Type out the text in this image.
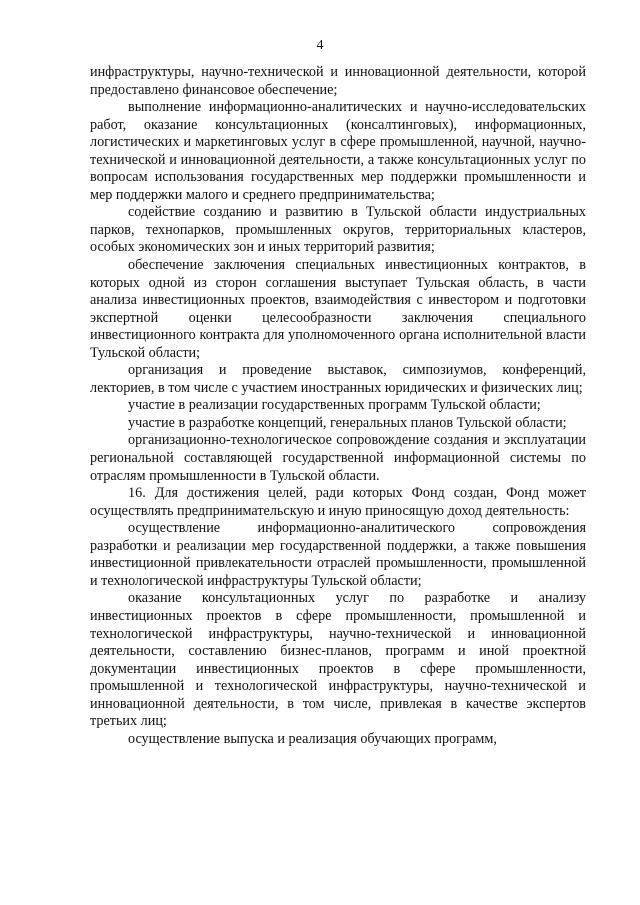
4

инфраструктуры, научно-технической и инновационной деятельности, которой предоставлено финансовое обеспечение;

выполнение информационно-аналитических и научно-исследовательских работ, оказание консультационных (консалтинговых), информационных, логистических и маркетинговых услуг в сфере промышленной, научной, научно-технической и инновационной деятельности, а также консультационных услуг по вопросам использования государственных мер поддержки промышленности и мер поддержки малого и среднего предпринимательства;

содействие созданию и развитию в Тульской области индустриальных парков, технопарков, промышленных округов, территориальных кластеров, особых экономических зон и иных территорий развития;

обеспечение заключения специальных инвестиционных контрактов, в которых одной из сторон соглашения выступает Тульская область, в части анализа инвестиционных проектов, взаимодействия с инвестором и подготовки экспертной оценки целесообразности заключения специального инвестиционного контракта для уполномоченного органа исполнительной власти Тульской области;

организация и проведение выставок, симпозиумов, конференций, лекториев, в том числе с участием иностранных юридических и физических лиц;

участие в реализации государственных программ Тульской области;

участие в разработке концепций, генеральных планов Тульской области;

организационно-технологическое сопровождение создания и эксплуатации региональной составляющей государственной информационной системы по отраслям промышленности в Тульской области.

16. Для достижения целей, ради которых Фонд создан, Фонд может осуществлять предпринимательскую и иную приносящую доход деятельность:

осуществление информационно-аналитического сопровождения разработки и реализации мер государственной поддержки, а также повышения инвестиционной привлекательности отраслей промышленности, промышленной и технологической инфраструктуры Тульской области;

оказание консультационных услуг по разработке и анализу инвестиционных проектов в сфере промышленности, промышленной и технологической инфраструктуры, научно-технической и инновационной деятельности, составлению бизнес-планов, программ и иной проектной документации инвестиционных проектов в сфере промышленности, промышленной и технологической инфраструктуры, научно-технической и инновационной деятельности, в том числе, привлекая в качестве экспертов третьих лиц;

осуществление выпуска и реализация обучающих программ,
